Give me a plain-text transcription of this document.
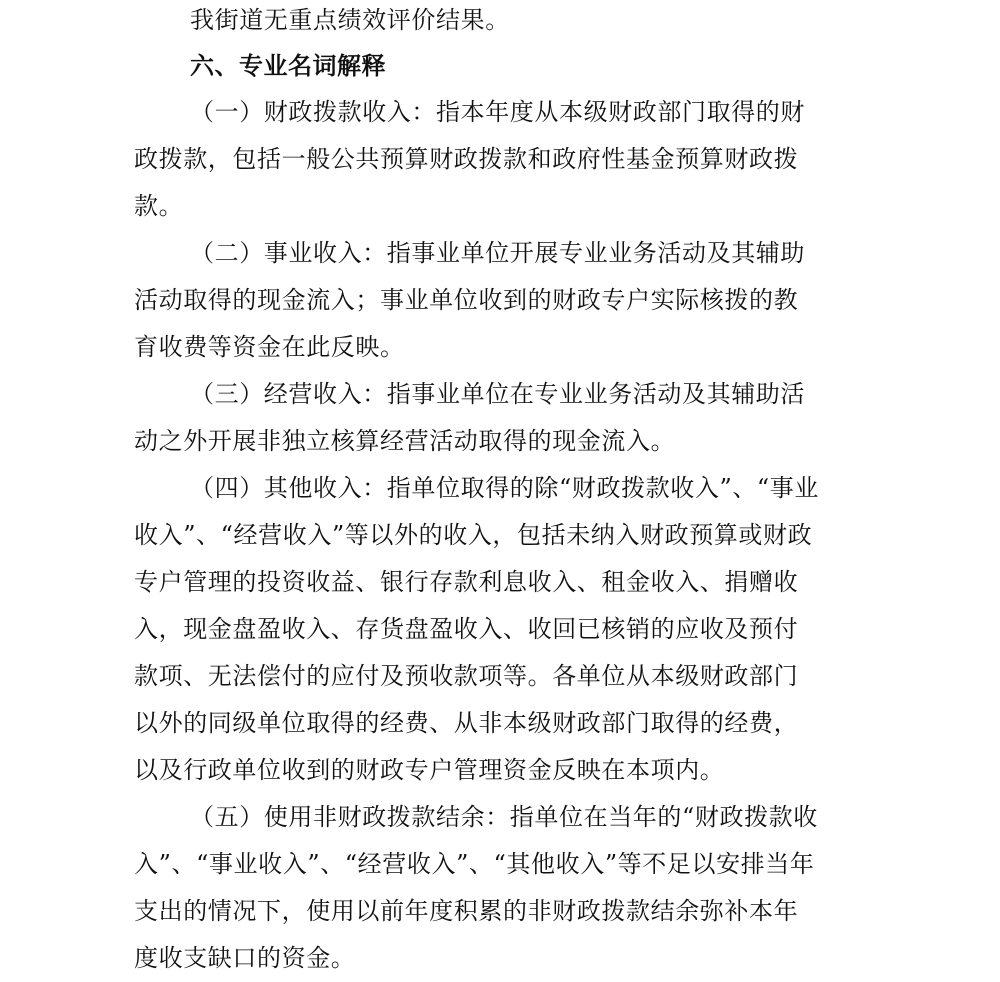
我街道无重点绩效评价结果。
六、专业名词解释
（一）财政拨款收入：指本年度从本级财政部门取得的财
政拨款，包括一般公共预算财政拨款和政府性基金预算财政拨
款。
（二）事业收入：指事业单位开展专业业务活动及其辅助
活动取得的现金流入；事业单位收到的财政专户实际核拨的教
育收费等资金在此反映。
（三）经营收入：指事业单位在专业业务活动及其辅助活
动之外开展非独立核算经营活动取得的现金流入。
（四）其他收入：指单位取得的除“财政拨款收入”、“事业
收入”、“经营收入”等以外的收入，包括未纳入财政预算或财政
专户管理的投资收益、银行存款利息收入、租金收入、捐赠收
入，现金盘盈收入、存货盘盈收入、收回已核销的应收及预付
款项、无法偿付的应付及预收款项等。各单位从本级财政部门
以外的同级单位取得的经费、从非本级财政部门取得的经费，
以及行政单位收到的财政专户管理资金反映在本项内。
（五）使用非财政拨款结余：指单位在当年的“财政拨款收
入”、“事业收入”、“经营收入”、“其他收入”等不足以安排当年
支出的情况下，使用以前年度积累的非财政拨款结余弥补本年
度收支缺口的资金。
